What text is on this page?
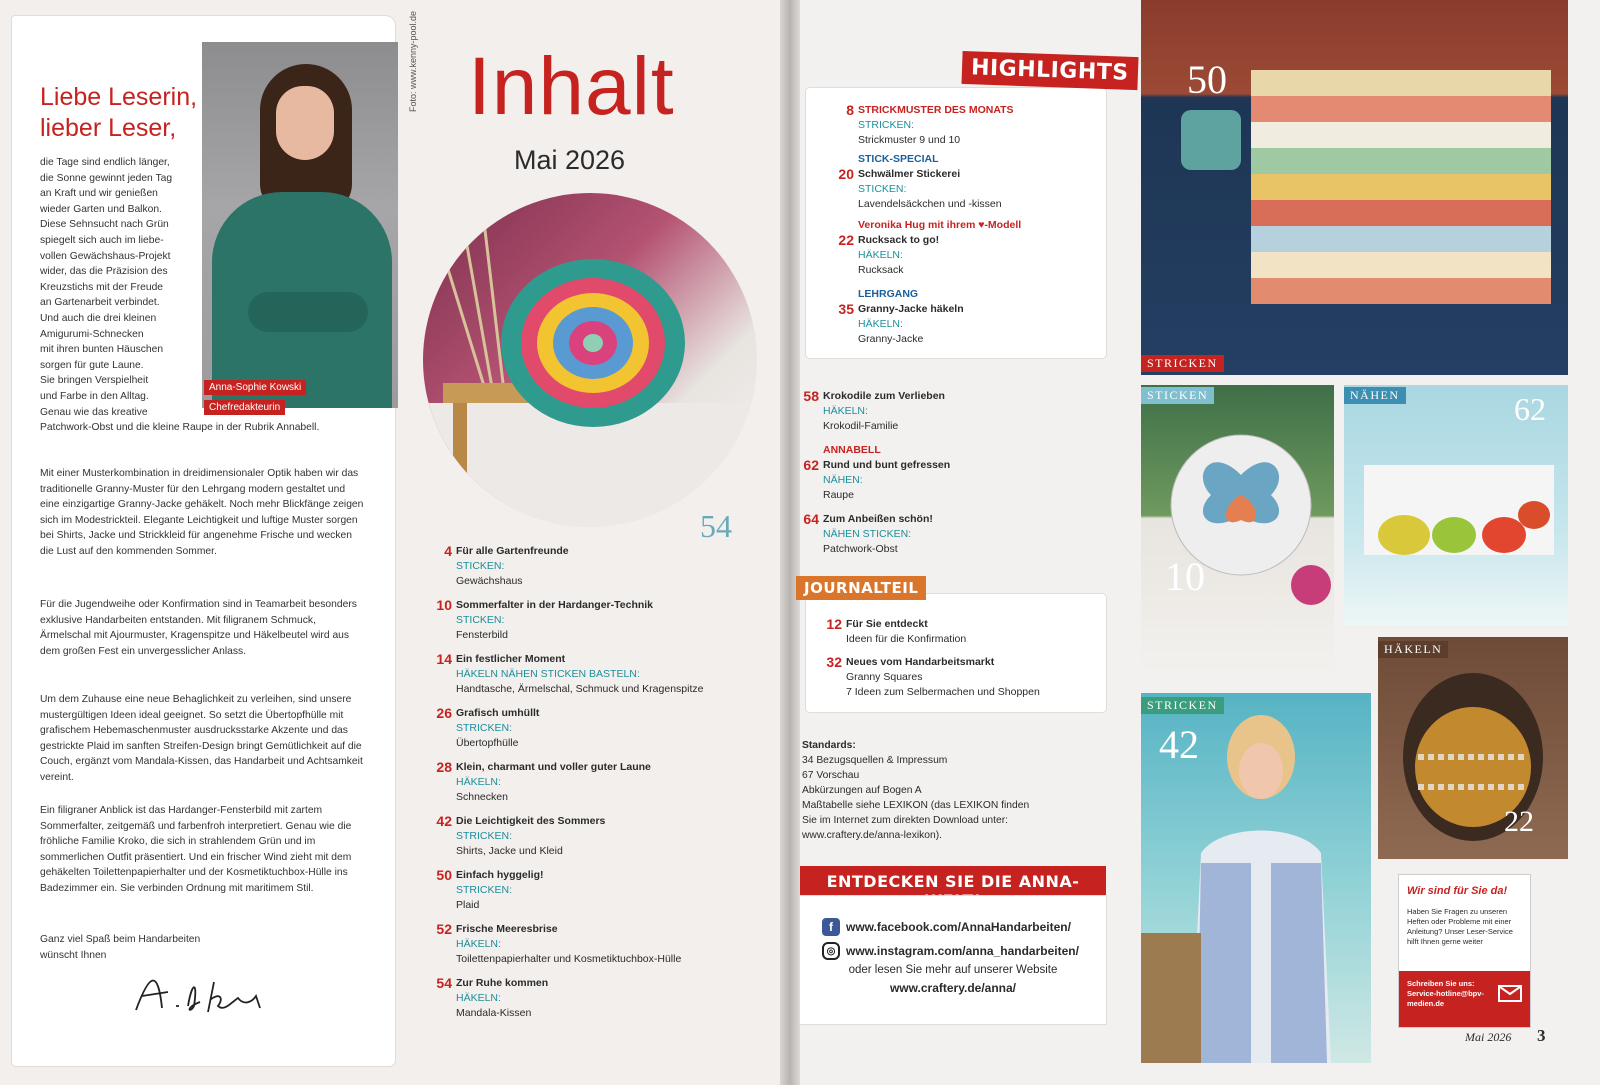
Anna-Sophie Kowski
Chefredakteurin
Foto: www.kenny-pool.de
Liebe Leserin,
lieber Leser,
die Tage sind endlich länger,
die Sonne gewinnt jeden Tag
an Kraft und wir genießen
wieder Garten und Balkon.
Diese Sehnsucht nach Grün
spiegelt sich auch im liebe-
vollen Gewächshaus-Projekt
wider, das die Präzision des
Kreuzstichs mit der Freude
an Gartenarbeit verbindet.
Und auch die drei kleinen
Amigurumi-Schnecken
mit ihren bunten Häuschen
sorgen für gute Laune.
Sie bringen Verspielheit
und Farbe in den Alltag.
Genau wie das kreative
Patchwork-Obst und die kleine Raupe in der Rubrik Annabell.
Mit einer Musterkombination in dreidimensionaler Optik haben wir das traditionelle Granny-Muster für den Lehrgang modern gestaltet und eine einzigartige Granny-Jacke gehäkelt. Noch mehr Blickfänge zeigen sich im Modestrickteil. Elegante Leichtigkeit und luftige Muster sorgen bei Shirts, Jacke und Strickkleid für angenehme Frische und wecken die Lust auf den kommenden Sommer.
Für die Jugendweihe oder Konfirmation sind in Teamarbeit besonders exklusive Handarbeiten entstanden. Mit filigranem Schmuck, Ärmelschal mit Ajourmuster, Kragenspitze und Häkelbeutel wird aus dem großen Fest ein unvergesslicher Anlass.
Um dem Zuhause eine neue Behaglichkeit zu verleihen, sind unsere mustergültigen Ideen ideal geeignet. So setzt die Übertopfhülle mit grafischem Hebemaschenmuster ausdrucksstarke Akzente und das gestrickte Plaid im sanften Streifen-Design bringt Gemütlichkeit auf die Couch, ergänzt vom Mandala-Kissen, das Handarbeit und Achtsamkeit vereint.
Ein filigraner Anblick ist das Hardanger-Fensterbild mit zartem Sommerfalter, zeitgemäß und farbenfroh interpretiert. Genau wie die fröhliche Familie Kroko, die sich in strahlendem Grün und im sommerlichen Outfit präsentiert. Und ein frischer Wind zieht mit dem gehäkelten Toilettenpapierhalter und der Kosmetiktuchbox-Hülle ins Badezimmer ein. Sie verbinden Ordnung mit maritimem Stil.
Ganz viel Spaß beim Handarbeiten
wünscht Ihnen
Inhalt
Mai 2026
54
4 Für alle Gartenfreunde
STICKEN:
Gewächshaus
10 Sommerfalter in der Hardanger-Technik
STICKEN:
Fensterbild
14 Ein festlicher Moment
HÄKELN NÄHEN STICKEN BASTELN:
Handtasche, Ärmelschal, Schmuck und Kragenspitze
26 Grafisch umhüllt
STRICKEN:
Übertopfhülle
28 Klein, charmant und voller guter Laune
HÄKELN:
Schnecken
42 Die Leichtigkeit des Sommers
STRICKEN:
Shirts, Jacke und Kleid
50 Einfach hyggelig!
STRICKEN:
Plaid
52 Frische Meeresbrise
HÄKELN:
Toilettenpapierhalter und Kosmetiktuchbox-Hülle
54 Zur Ruhe kommen
HÄKELN:
Mandala-Kissen
HIGHLIGHTS
8 STRICKMUSTER DES MONATS
STRICKEN:
Strickmuster 9 und 10
20
STICK-SPECIAL
Schwälmer Stickerei
STICKEN:
Lavendelsäckchen und -kissen
22
Veronika Hug mit ihrem ♥-Modell
Rucksack to go!
HÄKELN:
Rucksack
35
LEHRGANG
Granny-Jacke häkeln
HÄKELN:
Granny-Jacke
58 Krokodile zum Verlieben
HÄKELN:
Krokodil-Familie
62
ANNABELL
Rund und bunt gefressen
NÄHEN:
Raupe
64 Zum Anbeißen schön!
NÄHEN STICKEN:
Patchwork-Obst
JOURNALTEIL
12 Für Sie entdeckt
Ideen für die Konfirmation
32 Neues vom Handarbeitsmarkt
Granny Squares
7 Ideen zum Selbermachen und Shoppen
Standards:
34 Bezugsquellen & Impressum
67 Vorschau
Abkürzungen auf Bogen A
Maßtabelle siehe LEXIKON (das LEXIKON finden
Sie im Internet zum direkten Download unter:
www.craftery.de/anna-lexikon).
ENTDECKEN SIE DIE ANNA-
f	www.facebook.com/AnnaHandarbeiten/
◎ www.instagram.com/anna_handarbeiten/
oder lesen Sie mehr auf unserer Website
www.craftery.de/anna/
50
STRICKEN
STICKEN
10
NÄHEN	62
STRICKEN
42
HÄKELN
22
Wir sind für Sie da!
Haben Sie Fragen zu unseren Heften oder Probleme mit einer Anleitung? Unser Leser-Service hilft Ihnen gerne weiter
Schreiben Sie uns: Service-hotline@bpv-medien.de
Mai 2026 3
